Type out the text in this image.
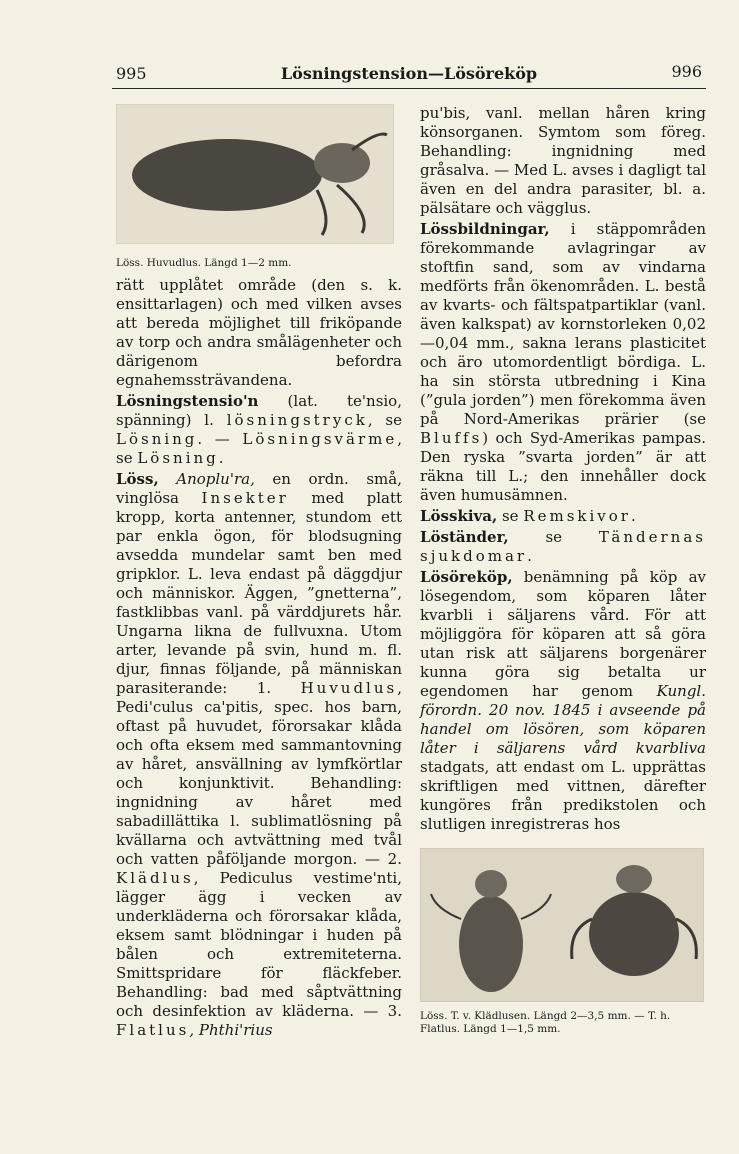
995	Lösningstension—Lösöreköp	996
Löss. Huvudlus. Längd 1—2 mm.

rätt upplåtet område (den s. k. ensittarlagen) och med vilken avses att bereda möjlighet till friköpande av torp och andra smålägenheter och därigenom befordra egnahemssträvandena.

Lösningstensio'n (lat. te'nsio, spänning) l. lösningstryck, se Lösning. — Lösningsvärme, se Lösning.

Löss, Anoplu'ra, en ordn. små, vinglösa Insekter med platt kropp, korta antenner, stundom ett par enkla ögon, för blodsugning avsedda mundelar samt ben med gripklor. L. leva endast på däggdjur och människor. Äggen, ”gnetterna”, fastklibbas vanl. på värddjurets hår. Ungarna likna de fullvuxna. Utom arter, levande på svin, hund m. fl. djur, finnas följande, på människan parasiterande: 1. Huvudlus, Pedi'culus ca'pitis, spec. hos barn, oftast på huvudet, förorsakar klåda och ofta eksem med sammantovning av håret, ansvällning av lymfkörtlar och konjunktivit. Behandling: ingnidning av håret med sabadillättika l. sublimatlösning på kvällarna och avtvättning med tvål och vatten påföljande morgon. — 2. Klädlus, Pediculus vestime'nti, lägger ägg i vecken av underkläderna och förorsakar klåda, eksem samt blödningar i huden på bålen och extremiteterna. Smittspridare för fläckfeber. Behandling: bad med såptvättning och desinfektion av kläderna. — 3. Flatlus, Phthi'rius

pu'bis, vanl. mellan håren kring könsorganen. Symtom som föreg. Behandling: ingnidning med gråsalva. — Med L. avses i dagligt tal även en del andra parasiter, bl. a. pälsätare och vägglus.

Lössbildningar, i stäppområden förekommande avlagringar av stoftfin sand, som av vindarna medförts från ökenområden. L. bestå av kvarts- och fältspatpartiklar (vanl. även kalkspat) av kornstorleken 0,02—0,04 mm., sakna lerans plasticitet och äro utomordentligt bördiga. L. ha sin största utbredning i Kina (”gula jorden”) men förekomma även på Nord-Amerikas prärier (se Bluffs) och Syd-Amerikas pampas. Den ryska ”svarta jorden” är att räkna till L.; den innehåller dock även humusämnen.

Lösskiva, se Remskivor.

Löständer, se Tändernas sjukdomar.

Lösöreköp, benämning på köp av lösegendom, som köparen låter kvarbli i säljarens vård. För att möjliggöra för köparen att så göra utan risk att säljarens borgenärer kunna göra sig betalta ur egendomen har genom Kungl. förordn. 20 nov. 1845 i avseende på handel om lösören, som köparen låter i säljarens vård kvarbliva stadgats, att endast om L. upprättas skriftligen med vittnen, därefter kungöres från predikstolen och slutligen inregistreras hos

Löss. T. v. Klädlusen. Längd 2—3,5 mm. — T. h. Flatlus. Längd 1—1,5 mm.
